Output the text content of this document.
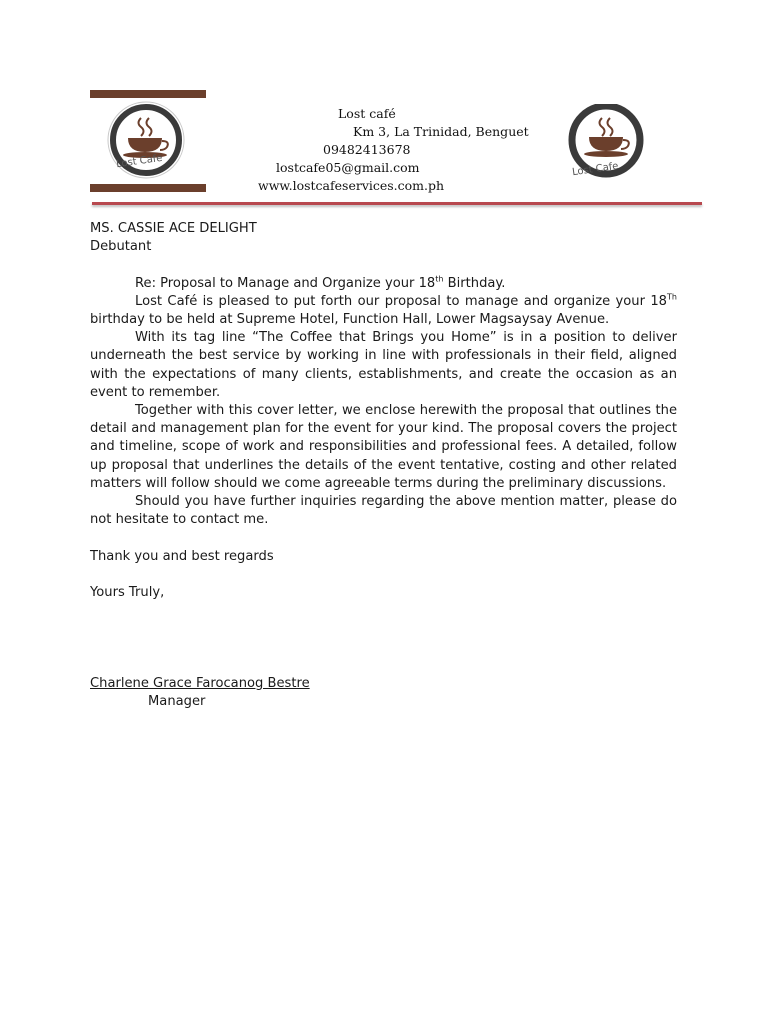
Lost Cafe
Lost café
Km 3, La Trinidad, Benguet
09482413678
lostcafe05@gmail.com
www.lostcafeservices.com.ph
Lost Cafe

MS. CASSIE ACE DELIGHT

Debutant

Re: Proposal to Manage and Organize your 18th Birthday.

Lost Café is pleased to put forth our proposal to manage and organize your 18Th birthday to be held at Supreme Hotel, Function Hall, Lower Magsaysay Avenue.

With its tag line “The Coffee that Brings you Home” is in a position to deliver underneath the best service by working in line with professionals in their field, aligned with the expectations of many clients, establishments, and create the occasion as an event to remember.

Together with this cover letter, we enclose herewith the proposal that outlines the detail and management plan for the event for your kind. The proposal covers the project and timeline, scope of work and responsibilities and professional fees. A detailed, follow up proposal that underlines the details of the event tentative, costing and other related matters will follow should we come agreeable terms during the preliminary discussions.

Should you have further inquiries regarding the above mention matter, please do not hesitate to contact me.

Thank you and best regards

Yours Truly,

Charlene Grace Farocanog Bestre

Manager
